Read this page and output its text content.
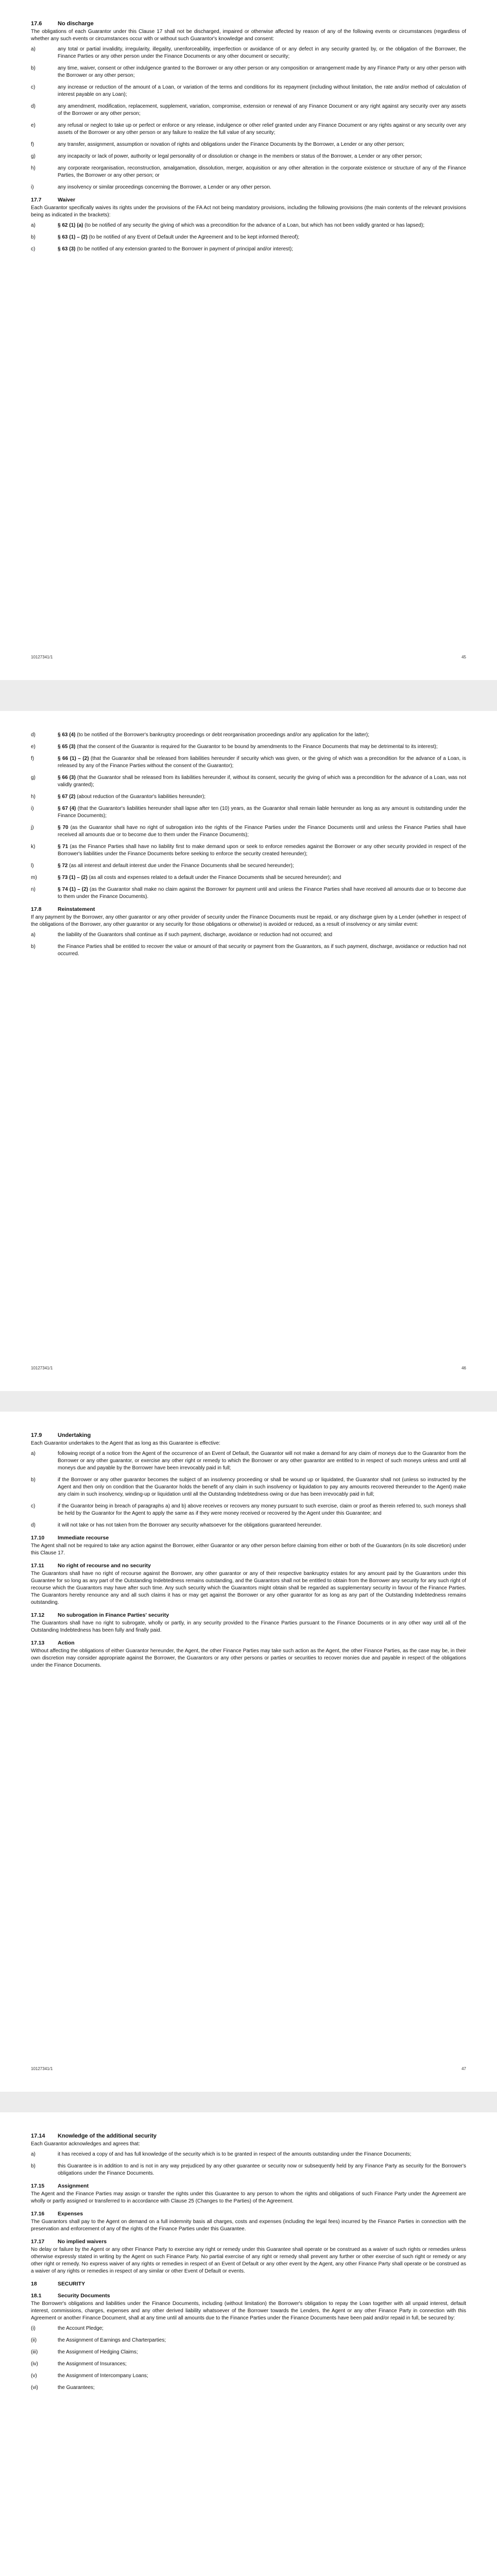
17.6	No discharge

The obligations of each Guarantor under this Clause 17 shall not be discharged, impaired or otherwise affected by reason of any of the following events or circumstances (regardless of whether any such events or circumstances occur with or without such Guarantor's knowledge and consent:

a)	any total or partial invalidity, irregularity, illegality, unenforceability, imperfection or avoidance of or any defect in any security granted by, or the obligation of the Borrower, the Finance Parties or any other person under the Finance Documents or any other document or security;
b)	any time, waiver, consent or other indulgence granted to the Borrower or any other person or any composition or arrangement made by any Finance Party or any other person with the Borrower or any other person;
c)	any increase or reduction of the amount of a Loan, or variation of the terms and conditions for its repayment (including without limitation, the rate and/or method of calculation of interest payable on any Loan);
d)	any amendment, modification, replacement, supplement, variation, compromise, extension or renewal of any Finance Document or any right against any security over any assets of the Borrower or any other person;
e)	any refusal or neglect to take up or perfect or enforce or any release, indulgence or other relief granted under any Finance Document or any rights against or any security over any assets of the Borrower or any other person or any failure to realize the full value of any security;
f)	any transfer, assignment, assumption or novation of rights and obligations under the Finance Documents by the Borrower, a Lender or any other person;
g)	any incapacity or lack of power, authority or legal personality of or dissolution or change in the members or status of the Borrower, a Lender or any other person;
h)	any corporate reorganisation, reconstruction, amalgamation, dissolution, merger, acquisition or any other alteration in the corporate existence or structure of any of the Finance Parties, the Borrower or any other person; or
i)	any insolvency or similar proceedings concerning the Borrower, a Lender or any other person.
17.7	Waiver

Each Guarantor specifically waives its rights under the provisions of the FA Act not being mandatory provisions, including the following provisions (the main contents of the relevant provisions being as indicated in the brackets):

a)	§ 62 (1) (a) (to be notified of any security the giving of which was a precondition for the advance of a Loan, but which has not been validly granted or has lapsed);
b)	§ 63 (1) – (2) (to be notified of any Event of Default under the Agreement and to be kept informed thereof);
c)	§ 63 (3) (to be notified of any extension granted to the Borrower in payment of principal and/or interest);
10127341/1	45
d)	§ 63 (4) (to be notified of the Borrower's bankruptcy proceedings or debt reorganisation proceedings and/or any application for the latter);
e)	§ 65 (3) (that the consent of the Guarantor is required for the Guarantor to be bound by amendments to the Finance Documents that may be detrimental to its interest);
f)	§ 66 (1) – (2) (that the Guarantor shall be released from liabilities hereunder if security which was given, or the giving of which was a precondition for the advance of a Loan, is released by any of the Finance Parties without the consent of the Guarantor);
g)	§ 66 (3) (that the Guarantor shall be released from its liabilities hereunder if, without its consent, security the giving of which was a precondition for the advance of a Loan, was not validly granted);
h)	§ 67 (2) (about reduction of the Guarantor's liabilities hereunder);
i)	§ 67 (4) (that the Guarantor's liabilities hereunder shall lapse after ten (10) years, as the Guarantor shall remain liable hereunder as long as any amount is outstanding under the Finance Documents);
j)	§ 70 (as the Guarantor shall have no right of subrogation into the rights of the Finance Parties under the Finance Documents until and unless the Finance Parties shall have received all amounts due or to become due to them under the Finance Documents);
k)	§ 71 (as the Finance Parties shall have no liability first to make demand upon or seek to enforce remedies against the Borrower or any other security provided in respect of the Borrower's liabilities under the Finance Documents before seeking to enforce the security created hereunder);
l)	§ 72 (as all interest and default interest due under the Finance Documents shall be secured hereunder);
m)	§ 73 (1) – (2) (as all costs and expenses related to a default under the Finance Documents shall be secured hereunder); and
n)	§ 74 (1) – (2) (as the Guarantor shall make no claim against the Borrower for payment until and unless the Finance Parties shall have received all amounts due or to become due to them under the Finance Documents).
17.8	Reinstatement

If any payment by the Borrower, any other guarantor or any other provider of security under the Finance Documents must be repaid, or any discharge given by a Lender (whether in respect of the obligations of the Borrower, any other guarantor or any security for those obligations or otherwise) is avoided or reduced, as a result of insolvency or any similar event:

a)	the liability of the Guarantors shall continue as if such payment, discharge, avoidance or reduction had not occurred; and
b)	the Finance Parties shall be entitled to recover the value or amount of that security or payment from the Guarantors, as if such payment, discharge, avoidance or reduction had not occurred.
10127341/1	46
17.9	Undertaking

Each Guarantor undertakes to the Agent that as long as this Guarantee is effective:

a)	following receipt of a notice from the Agent of the occurrence of an Event of Default, the Guarantor will not make a demand for any claim of moneys due to the Guarantor from the Borrower or any other guarantor, or exercise any other right or remedy to which the Borrower or any other guarantor are entitled to in respect of such moneys unless and until all moneys due and payable by the Borrower have been irrevocably paid in full;
b)	if the Borrower or any other guarantor becomes the subject of an insolvency proceeding or shall be wound up or liquidated, the Guarantor shall not (unless so instructed by the Agent and then only on condition that the Guarantor holds the benefit of any claim in such insolvency or liquidation to pay any amounts recovered thereunder to the Agent) make any claim in such insolvency, winding-up or liquidation until all the Outstanding Indebtedness owing or due has been irrevocably paid in full;
c)	if the Guarantor being in breach of paragraphs a) and b) above receives or recovers any money pursuant to such exercise, claim or proof as therein referred to, such moneys shall be held by the Guarantor for the Agent to apply the same as if they were money received or recovered by the Agent under this Guarantee; and
d)	it will not take or has not taken from the Borrower any security whatsoever for the obligations guaranteed hereunder.
17.10	Immediate recourse

The Agent shall not be required to take any action against the Borrower, either Guarantor or any other person before claiming from either or both of the Guarantors (in its sole discretion) under this Clause 17.

17.11	No right of recourse and no security

The Guarantors shall have no right of recourse against the Borrower, any other guarantor or any of their respective bankruptcy estates for any amount paid by the Guarantors under this Guarantee for so long as any part of the Outstanding Indebtedness remains outstanding, and the Guarantors shall not be entitled to obtain from the Borrower any security for any such right of recourse which the Guarantors may have after such time. Any such security which the Guarantors might obtain shall be regarded as supplementary security in favour of the Finance Parties. The Guarantors hereby renounce any and all such claims it has or may get against the Borrower or any other guarantor for as long as any part of the Outstanding Indebtedness remains outstanding.

17.12	No subrogation in Finance Parties' security

The Guarantors shall have no right to subrogate, wholly or partly, in any security provided to the Finance Parties pursuant to the Finance Documents or in any other way until all of the Outstanding Indebtedness has been fully and finally paid.

17.13	Action

Without affecting the obligations of either Guarantor hereunder, the Agent, the other Finance Parties may take such action as the Agent, the other Finance Parties, as the case may be, in their own discretion may consider appropriate against the Borrower, the Guarantors or any other persons or parties or securities to recover monies due and payable in respect of the obligations under the Finance Documents.

10127341/1	47
17.14	Knowledge of the additional security

Each Guarantor acknowledges and agrees that:

a)	it has received a copy of and has full knowledge of the security which is to be granted in respect of the amounts outstanding under the Finance Documents;
b)	this Guarantee is in addition to and is not in any way prejudiced by any other guarantee or security now or subsequently held by any Finance Party as security for the Borrower's obligations under the Finance Documents.
17.15	Assignment

The Agent and the Finance Parties may assign or transfer the rights under this Guarantee to any person to whom the rights and obligations of such Finance Party under the Agreement are wholly or partly assigned or transferred to in accordance with Clause 25 (Changes to the Parties) of the Agreement.

17.16	Expenses

The Guarantors shall pay to the Agent on demand on a full indemnity basis all charges, costs and expenses (including the legal fees) incurred by the Finance Parties in connection with the preservation and enforcement of any of the rights of the Finance Parties under this Guarantee.

17.17	No implied waivers

No delay or failure by the Agent or any other Finance Party to exercise any right or remedy under this Guarantee shall operate or be construed as a waiver of such rights or remedies unless otherwise expressly stated in writing by the Agent on such Finance Party. No partial exercise of any right or remedy shall prevent any further or other exercise of such right or remedy or any other right or remedy. No express waiver of any rights or remedies in respect of an Event of Default or any other event by the Agent, any other Finance Party shall operate or be construed as a waiver of any rights or remedies in respect of any similar or other Event of Default or events.

18	SECURITY
18.1	Security Documents

The Borrower's obligations and liabilities under the Finance Documents, including (without limitation) the Borrower's obligation to repay the Loan together with all unpaid interest, default interest, commissions, charges, expenses and any other derived liability whatsoever of the Borrower towards the Lenders, the Agent or any other Finance Party in connection with this Agreement or another Finance Document, shall at any time until all amounts due to the Finance Parties under the Finance Documents have been paid and/or repaid in full, be secured by:

(i)	the Account Pledge;
(ii)	the Assignment of Earnings and Charterparties;
(iii)	the Assignment of Hedging Claims;
(iv)	the Assignment of Insurances;
(v)	the Assignment of Intercompany Loans;
(vi)	the Guarantees;
